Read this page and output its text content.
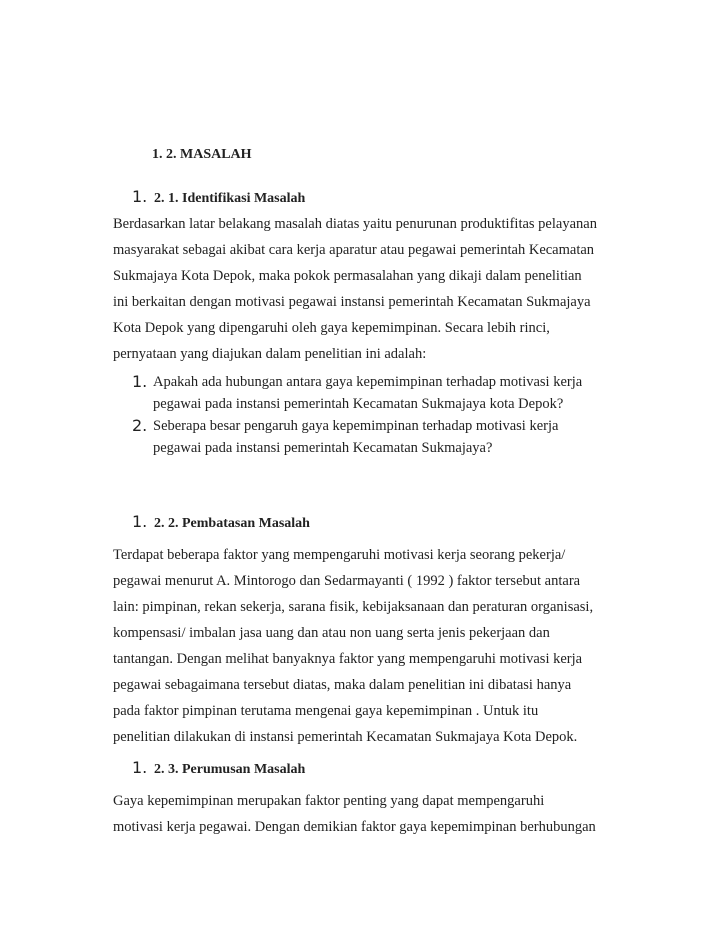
1. 2. MASALAH
1. 2. 1. Identifikasi Masalah

Berdasarkan latar belakang masalah diatas yaitu penurunan produktifitas pelayanan
masyarakat sebagai akibat cara kerja aparatur atau pegawai pemerintah Kecamatan
Sukmajaya Kota Depok, maka pokok permasalahan yang dikaji dalam penelitian
ini berkaitan dengan motivasi pegawai instansi pemerintah Kecamatan Sukmajaya
Kota Depok yang dipengaruhi oleh gaya kepemimpinan. Secara lebih rinci,
pernyataan yang diajukan dalam penelitian ini adalah:

1. Apakah ada hubungan antara gaya kepemimpinan terhadap motivasi kerja
pegawai pada instansi pemerintah Kecamatan Sukmajaya kota Depok?
2. Seberapa besar pengaruh gaya kepemimpinan terhadap motivasi kerja
pegawai pada instansi pemerintah Kecamatan Sukmajaya?
1. 2. 2. Pembatasan Masalah

Terdapat beberapa faktor yang mempengaruhi motivasi kerja seorang pekerja/
pegawai menurut A. Mintorogo dan Sedarmayanti ( 1992 ) faktor tersebut antara
lain: pimpinan, rekan sekerja, sarana fisik, kebijaksanaan dan peraturan organisasi,
kompensasi/ imbalan jasa uang dan atau non uang serta jenis pekerjaan dan
tantangan. Dengan melihat banyaknya faktor yang mempengaruhi motivasi kerja
pegawai sebagaimana tersebut diatas, maka dalam penelitian ini dibatasi hanya
pada faktor pimpinan terutama mengenai gaya kepemimpinan . Untuk itu
penelitian dilakukan di instansi pemerintah Kecamatan Sukmajaya Kota Depok.

1. 2. 3. Perumusan Masalah

Gaya kepemimpinan merupakan faktor penting yang dapat mempengaruhi
motivasi kerja pegawai. Dengan demikian faktor gaya kepemimpinan berhubungan
